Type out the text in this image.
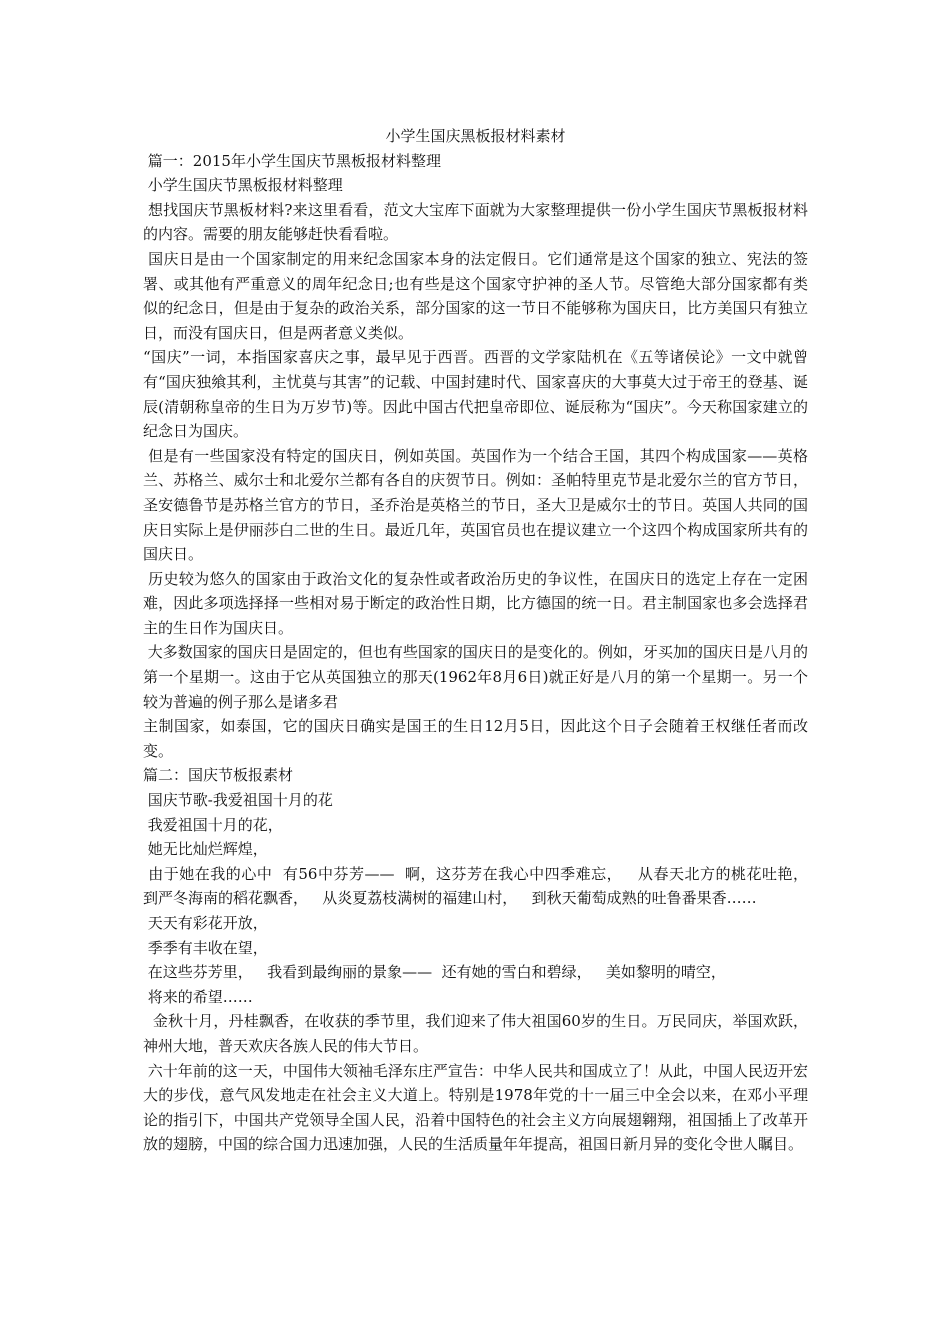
小学生国庆黑板报材料素材

篇一：2015年小学生国庆节黑板报材料整理

小学生国庆节黑板报材料整理

想找国庆节黑板材料?来这里看看，范文大宝库下面就为大家整理提供一份小学生国庆节黑板报材料的内容。需要的朋友能够赶快看看啦。

国庆日是由一个国家制定的用来纪念国家本身的法定假日。它们通常是这个国家的独立、宪法的签署、或其他有严重意义的周年纪念日;也有些是这个国家守护神的圣人节。尽管绝大部分国家都有类似的纪念日，但是由于复杂的政治关系，部分国家的这一节日不能够称为国庆日，比方美国只有独立日，而没有国庆日，但是两者意义类似。

“国庆”一词，本指国家喜庆之事，最早见于西晋。西晋的文学家陆机在《五等诸侯论》一文中就曾有“国庆独飨其利，主忧莫与其害”的记载、中国封建时代、国家喜庆的大事莫大过于帝王的登基、诞辰(清朝称皇帝的生日为万岁节)等。因此中国古代把皇帝即位、诞辰称为“国庆”。今天称国家建立的纪念日为国庆。

但是有一些国家没有特定的国庆日，例如英国。英国作为一个结合王国，其四个构成国家——英格兰、苏格兰、威尔士和北爱尔兰都有各自的庆贺节日。例如：圣帕特里克节是北爱尔兰的官方节日，圣安德鲁节是苏格兰官方的节日，圣乔治是英格兰的节日，圣大卫是威尔士的节日。英国人共同的国庆日实际上是伊丽莎白二世的生日。最近几年，英国官员也在提议建立一个这四个构成国家所共有的国庆日。

历史较为悠久的国家由于政治文化的复杂性或者政治历史的争议性，在国庆日的选定上存在一定困难，因此多项选择择一些相对易于断定的政治性日期，比方德国的统一日。君主制国家也多会选择君主的生日作为国庆日。

大多数国家的国庆日是固定的，但也有些国家的国庆日的是变化的。例如，牙买加的国庆日是八月的第一个星期一。这由于它从英国独立的那天(1962年8月6日)就正好是八月的第一个星期一。另一个较为普遍的例子那么是诸多君

主制国家，如泰国，它的国庆日确实是国王的生日12月5日，因此这个日子会随着王权继任者而改变。

篇二：国庆节板报素材

国庆节歌-我爱祖国十月的花

我爱祖国十月的花，

她无比灿烂辉煌，

由于她在我的心中  有56中芬芳——  啊，这芬芳在我心中四季难忘，   从春天北方的桃花吐艳，   到严冬海南的稻花飘香，   从炎夏荔枝满树的福建山村，   到秋天葡萄成熟的吐鲁番果香……

天天有彩花开放，

季季有丰收在望，

在这些芬芳里，   我看到最绚丽的景象——  还有她的雪白和碧绿，   美如黎明的晴空，

将来的希望……

金秋十月，丹桂飘香，在收获的季节里，我们迎来了伟大祖国60岁的生日。万民同庆，举国欢跃，神州大地，普天欢庆各族人民的伟大节日。

六十年前的这一天，中国伟大领袖毛泽东庄严宣告：中华人民共和国成立了！从此，中国人民迈开宏大的步伐，意气风发地走在社会主义大道上。特别是1978年党的十一届三中全会以来，在邓小平理论的指引下，中国共产党领导全国人民，沿着中国特色的社会主义方向展翅翱翔，祖国插上了改革开放的翅膀，中国的综合国力迅速加强，人民的生活质量年年提高，祖国日新月异的变化令世人瞩目。
